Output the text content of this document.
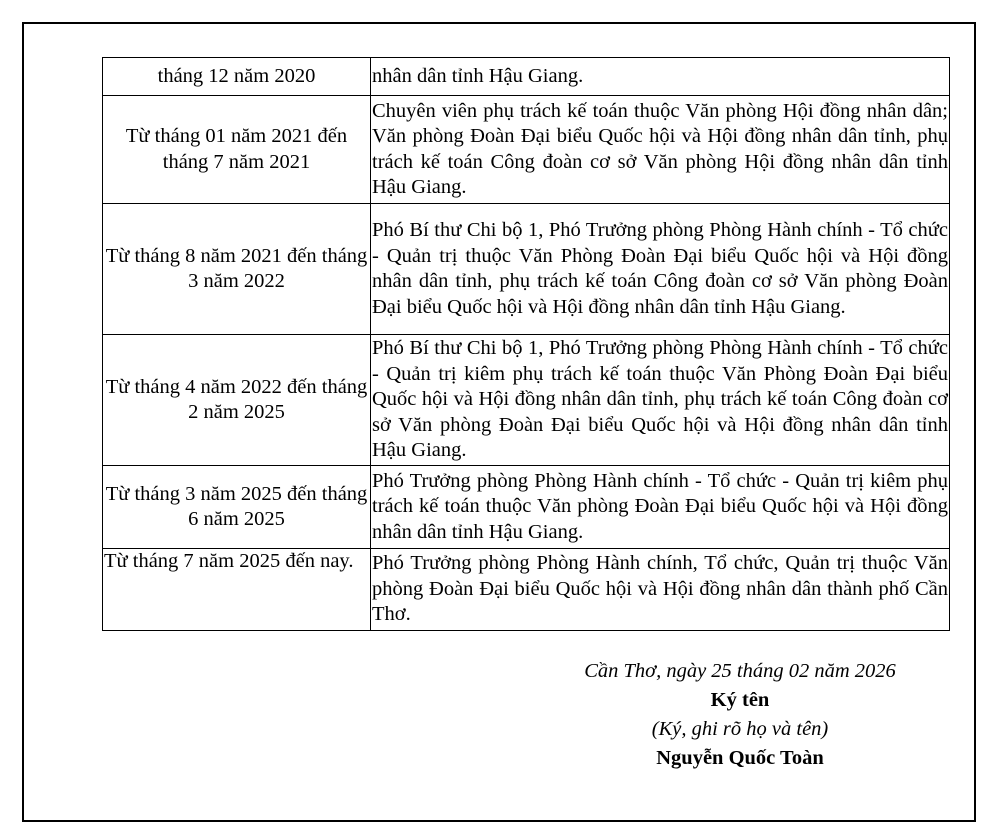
tháng 12 năm 2020	nhân dân tỉnh Hậu Giang.
Từ tháng 01 năm 2021 đến tháng 7 năm 2021	Chuyên viên phụ trách kế toán thuộc Văn phòng Hội đồng nhân dân; Văn phòng Đoàn Đại biểu Quốc hội và Hội đồng nhân dân tỉnh, phụ trách kế toán Công đoàn cơ sở Văn phòng Hội đồng nhân dân tỉnh Hậu Giang.
Từ tháng 8 năm 2021 đến tháng 3 năm 2022	Phó Bí thư Chi bộ 1, Phó Trưởng phòng Phòng Hành chính - Tổ chức - Quản trị thuộc Văn Phòng Đoàn Đại biểu Quốc hội và Hội đồng nhân dân tỉnh, phụ trách kế toán Công đoàn cơ sở Văn phòng Đoàn Đại biểu Quốc hội và Hội đồng nhân dân tỉnh Hậu Giang.
Từ tháng 4 năm 2022 đến tháng 2 năm 2025	Phó Bí thư Chi bộ 1, Phó Trưởng phòng Phòng Hành chính - Tổ chức - Quản trị kiêm phụ trách kế toán thuộc Văn Phòng Đoàn Đại biểu Quốc hội và Hội đồng nhân dân tỉnh, phụ trách kế toán Công đoàn cơ sở Văn phòng Đoàn Đại biểu Quốc hội và Hội đồng nhân dân tỉnh Hậu Giang.
Từ tháng 3 năm 2025 đến tháng 6 năm 2025	Phó Trưởng phòng Phòng Hành chính - Tổ chức - Quản trị kiêm phụ trách kế toán thuộc Văn phòng Đoàn Đại biểu Quốc hội và Hội đồng nhân dân tỉnh Hậu Giang.
Từ tháng 7 năm 2025 đến nay.	Phó Trưởng phòng Phòng Hành chính, Tổ chức, Quản trị thuộc Văn phòng Đoàn Đại biểu Quốc hội và Hội đồng nhân dân thành phố Cần Thơ.
Cần Thơ, ngày 25 tháng 02 năm 2026
Ký tên
(Ký, ghi rõ họ và tên)
Nguyễn Quốc Toàn
